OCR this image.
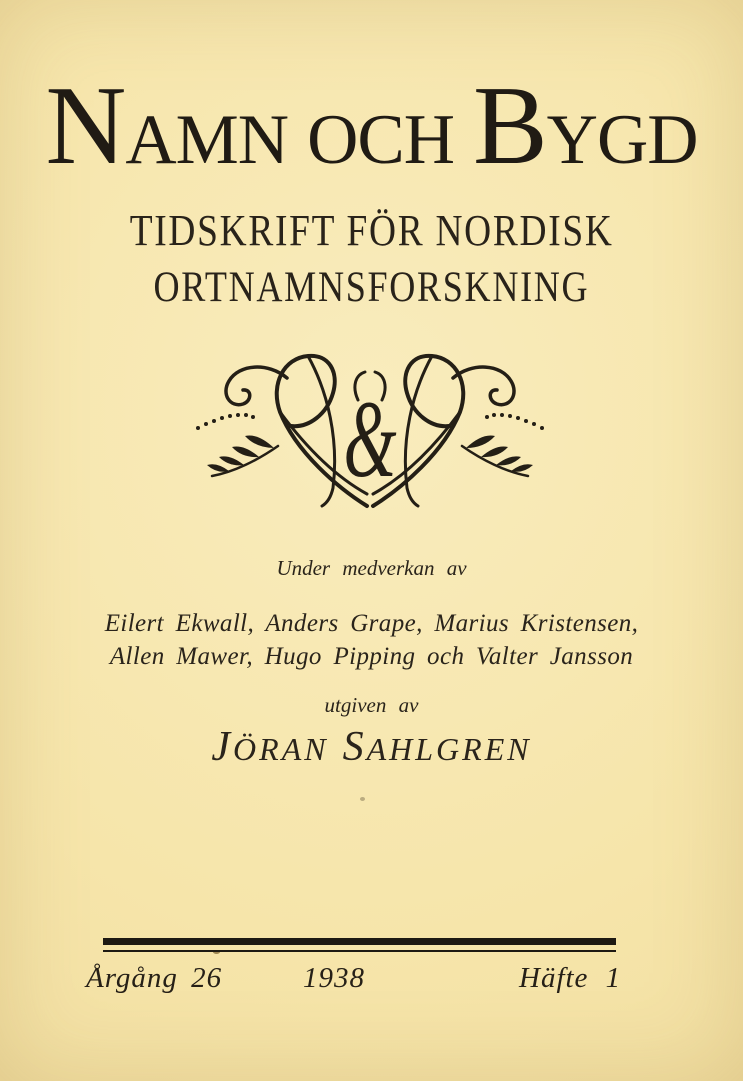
NAMN OCH BYGD
TIDSKRIFT FÖR NORDISK
ORTNAMNSFORSKNING
&
Under medverkan av
Eilert Ekwall, Anders Grape, Marius Kristensen,
Allen Mawer, Hugo Pipping och Valter Jansson
utgiven av
JÖRAN SAHLGREN
Årgång 26	1938	Häfte 1
